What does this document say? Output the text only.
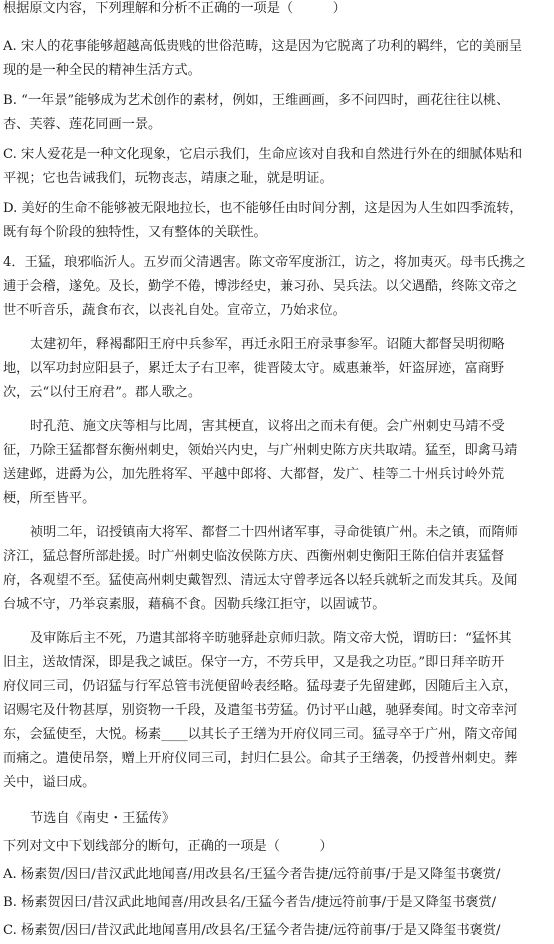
根据原文内容，下列理解和分析不正确的一项是（　　　）
A. 宋人的花事能够超越高低贵贱的世俗范畴，这是因为它脱离了功利的羁绊，它的美丽呈
现的是一种全民的精神生活方式。
B. “一年景”能够成为艺术创作的素材，例如，王维画画，多不问四时，画花往往以桃、
杏、芙蓉、莲花同画一景。
C. 宋人爱花是一种文化现象，它启示我们，生命应该对自我和自然进行外在的细腻体贴和
平视；它也告诫我们，玩物丧志，靖康之耻，就是明证。
D. 美好的生命不能够被无限地拉长，也不能够任由时间分割，这是因为人生如四季流转，
既有每个阶段的独特性，又有整体的关联性。
4．王猛，琅邪临沂人。五岁而父清遇害。陈文帝军度浙江，访之，将加夷灭。母韦氏携之
逋于会稽，遂免。及长，勤学不倦，博涉经史，兼习孙、吴兵法。以父遇酷，终陈文帝之
世不听音乐，蔬食布衣，以丧礼自处。宣帝立，乃始求位。
太建初年，释褐鄱阳王府中兵参军，再迁永阳王府录事参军。诏随大都督吴明彻略
地，以军功封应阳县子，累迁太子右卫率，徙晋陵太守。威惠兼举，奸盗屏迹，富商野
次，云“以付王府君”。郡人歌之。
时孔范、施文庆等相与比周，害其梗直，议将出之而未有便。会广州刺史马靖不受
征，乃除王猛都督东衡州刺史，领始兴内史，与广州刺史陈方庆共取靖。猛至，即禽马靖
送建邺，进爵为公，加先胜将军、平越中郎将、大都督，发广、桂等二十州兵讨岭外荒
梗，所至皆平。
祯明二年，诏授镇南大将军、都督二十四州诸军事，寻命徙镇广州。未之镇，而隋师
济江，猛总督所部赴援。时广州刺史临汝侯陈方庆、西衡州刺史衡阳王陈伯信并衷猛督
府，各观望不至。猛使高州刺史戴智烈、清远太守曾孝远各以轻兵就斩之而发其兵。及闻
台城不守，乃举哀素服，藉稿不食。因勒兵缘江拒守，以固诚节。
及审陈后主不死，乃遣其部将辛昉驰驿赴京师归款。隋文帝大悦，谓昉曰：“猛怀其
旧主，送故情深，即是我之诚臣。保守一方，不劳兵甲，又是我之功臣。”即日拜辛昉开
府仪同三司，仍诏猛与行军总管韦洸便留岭表经略。猛母妻子先留建邺，因随后主入京，
诏赐宅及什物甚厚，别资物一千段，及遣玺书劳猛。仍讨平山越，驰驿奏闻。时文帝幸河
东，会猛使至，大悦。杨素____以其长子王缮为开府仪同三司。猛寻卒于广州，隋文帝闻
而痛之。遣使吊祭，赠上开府仪同三司，封归仁县公。命其子王缮袭，仍授普州刺史。葬
关中，谥曰成。
节选自《南史・王猛传》
下列对文中下划线部分的断句，正确的一项是（　　　）
A. 杨素贺/因曰/昔汉武此地闻喜/用改县名/王猛今者告捷/远符前事/于是又降玺书褒赏/
B. 杨素贺因曰/昔汉武此地闻喜/用改县名/王猛今者告/捷远符前事/于是又降玺书褒赏/
C. 杨素贺/因曰/昔汉武此地闻喜用/改县名/王猛今者告捷/远符前事/于是又降玺书褒赏/
